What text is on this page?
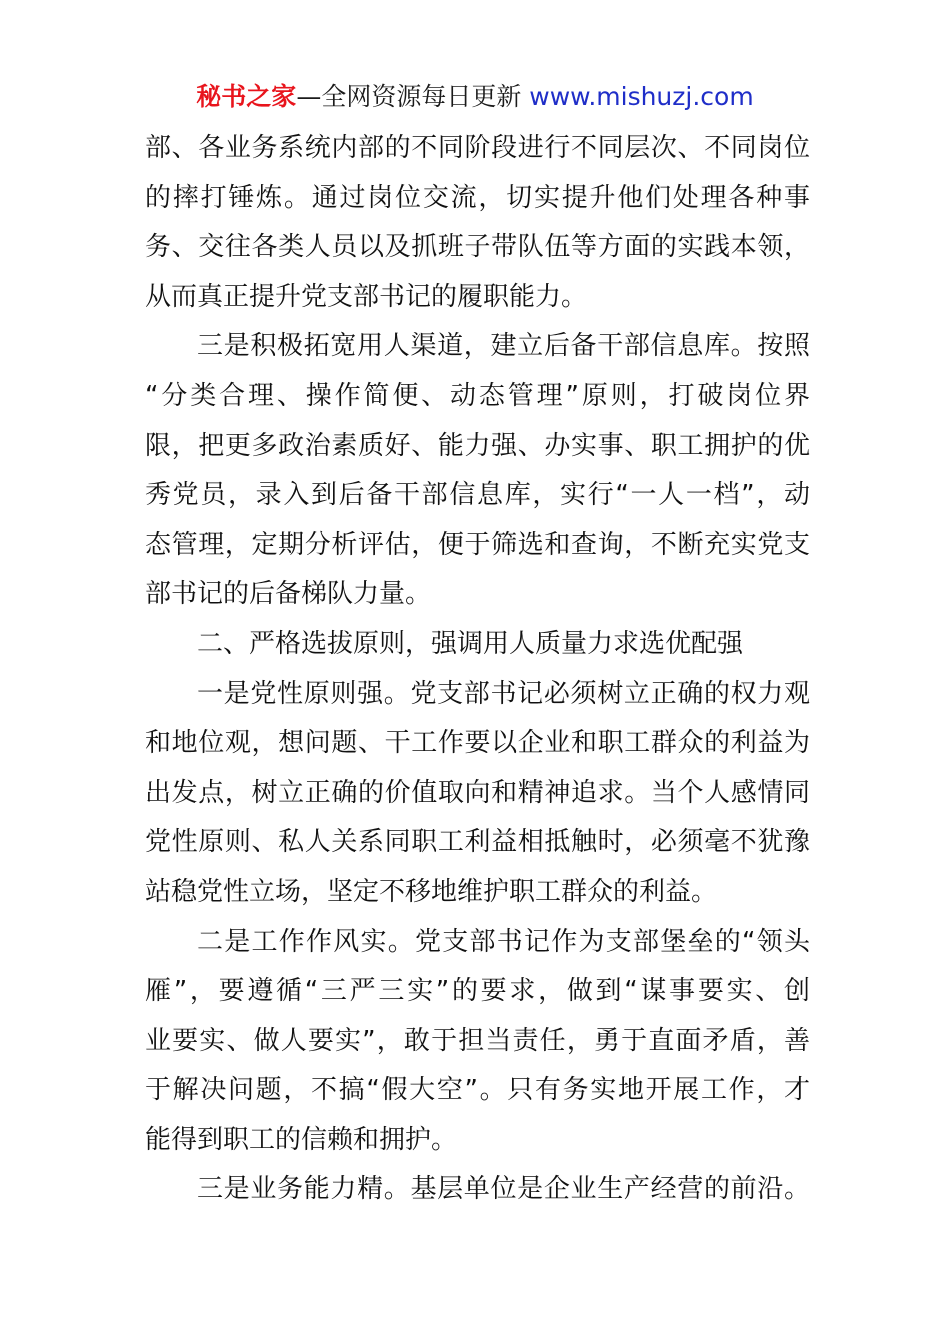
秘书之家—全网资源每日更新 www.mishuzj.com
部、各业务系统内部的不同阶段进行不同层次、不同岗位
的摔打锤炼。通过岗位交流，切实提升他们处理各种事
务、交往各类人员以及抓班子带队伍等方面的实践本领，
从而真正提升党支部书记的履职能力。
三是积极拓宽用人渠道，建立后备干部信息库。按照
“分类合理、操作简便、动态管理”原则，打破岗位界
限，把更多政治素质好、能力强、办实事、职工拥护的优
秀党员，录入到后备干部信息库，实行“一人一档”，动
态管理，定期分析评估，便于筛选和查询，不断充实党支
部书记的后备梯队力量。
二、严格选拔原则，强调用人质量力求选优配强
一是党性原则强。党支部书记必须树立正确的权力观
和地位观，想问题、干工作要以企业和职工群众的利益为
出发点，树立正确的价值取向和精神追求。当个人感情同
党性原则、私人关系同职工利益相抵触时，必须毫不犹豫
站稳党性立场，坚定不移地维护职工群众的利益。
二是工作作风实。党支部书记作为支部堡垒的“领头
雁”，要遵循“三严三实”的要求，做到“谋事要实、创
业要实、做人要实”，敢于担当责任，勇于直面矛盾，善
于解决问题，不搞“假大空”。只有务实地开展工作，才
能得到职工的信赖和拥护。
三是业务能力精。基层单位是企业生产经营的前沿。
